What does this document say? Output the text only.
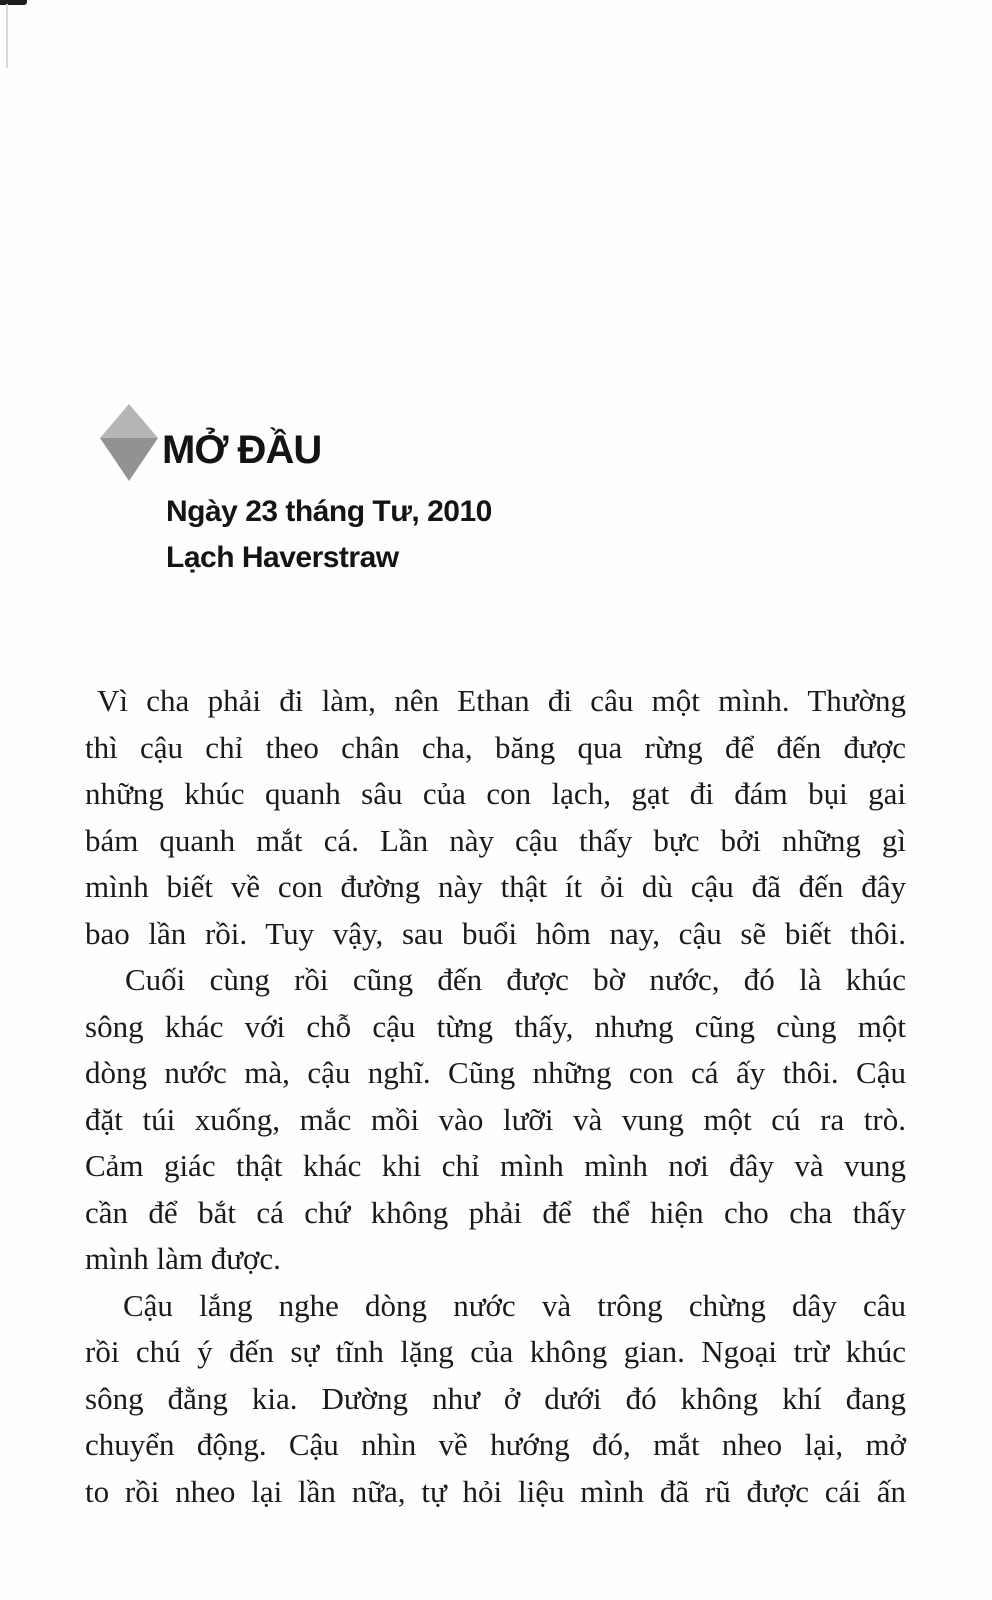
MỞ ĐẦU
Ngày 23 tháng Tư, 2010
Lạch Haverstraw
Vì cha phải đi làm, nên Ethan đi câu một mình. Thường
thì cậu chỉ theo chân cha, băng qua rừng để đến được
những khúc quanh sâu của con lạch, gạt đi đám bụi gai
bám quanh mắt cá. Lần này cậu thấy bực bởi những gì
mình biết về con đường này thật ít ỏi dù cậu đã đến đây
bao lần rồi. Tuy vậy, sau buổi hôm nay, cậu sẽ biết thôi.
Cuối cùng rồi cũng đến được bờ nước, đó là khúc
sông khác với chỗ cậu từng thấy, nhưng cũng cùng một
dòng nước mà, cậu nghĩ. Cũng những con cá ấy thôi. Cậu
đặt túi xuống, mắc mồi vào lưỡi và vung một cú ra trò.
Cảm giác thật khác khi chỉ mình mình nơi đây và vung
cần để bắt cá chứ không phải để thể hiện cho cha thấy
mình làm được.
Cậu lắng nghe dòng nước và trông chừng dây câu
rồi chú ý đến sự tĩnh lặng của không gian. Ngoại trừ khúc
sông đằng kia. Dường như ở dưới đó không khí đang
chuyển động. Cậu nhìn về hướng đó, mắt nheo lại, mở
to rồi nheo lại lần nữa, tự hỏi liệu mình đã rũ được cái ấn
